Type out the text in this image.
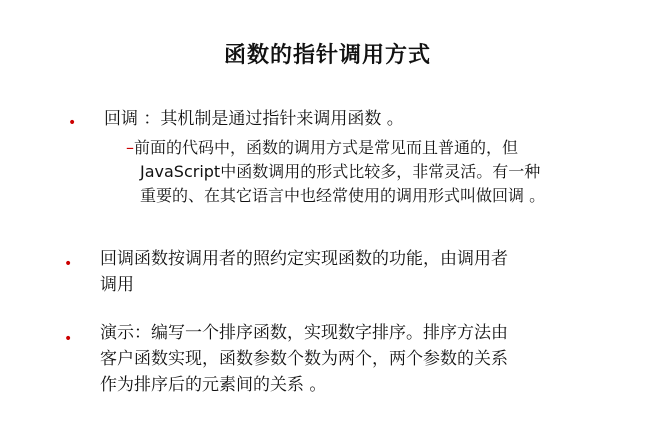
函数的指针调用方式
• 回调 ：其机制是通过指针来调用函数 。
–前面的代码中，函数的调用方式是常见而且普通的，但
JavaScript中函数调用的形式比较多，非常灵活。有一种
重要的、在其它语言中也经常使用的调用形式叫做回调 。
• 回调函数按调用者的照约定实现函数的功能，由调用者
调用
• 演示：编写一个排序函数，实现数字排序。排序方法由
客户函数实现，函数参数个数为两个，两个参数的关系
作为排序后的元素间的关系 。
